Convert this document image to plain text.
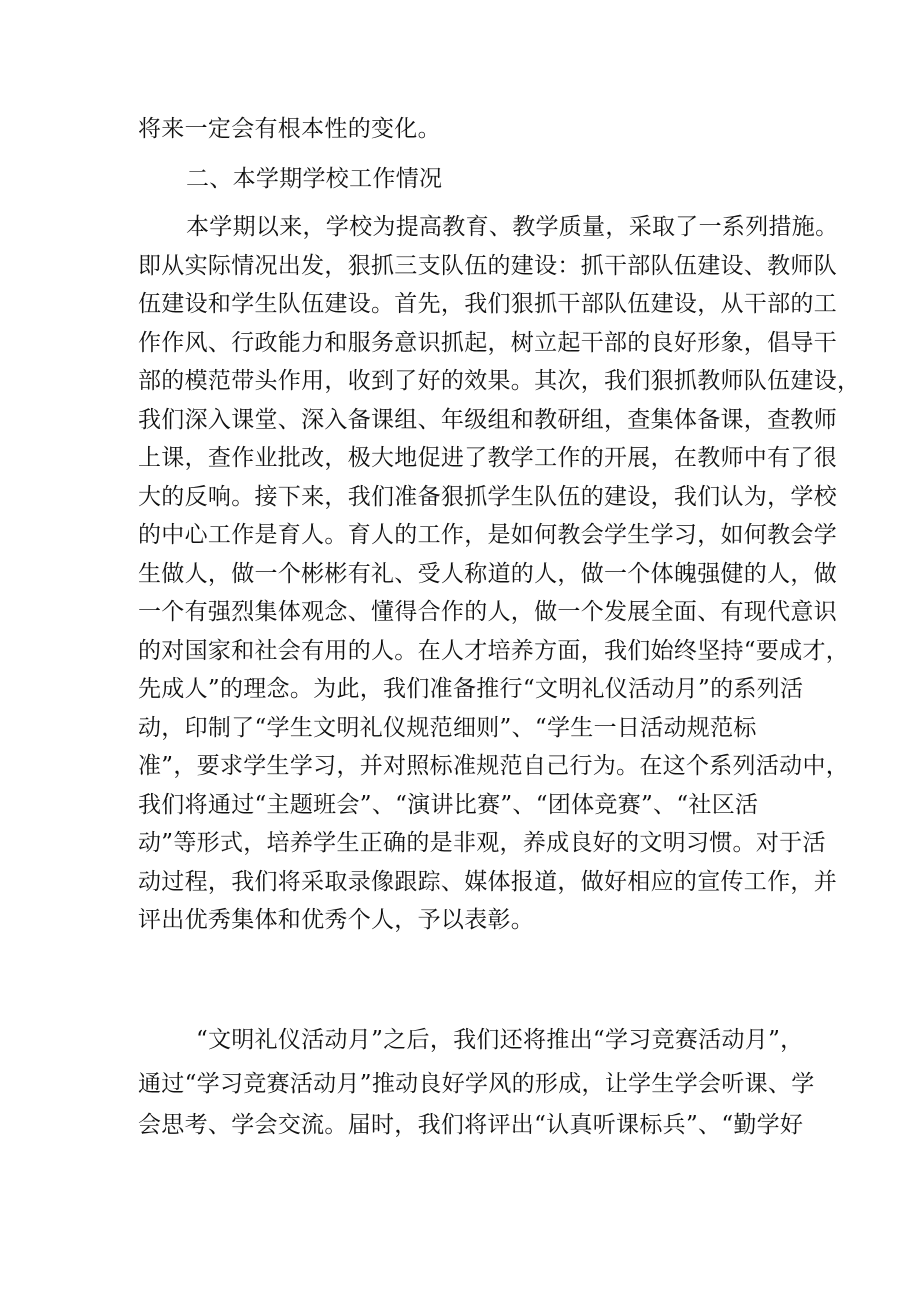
将来一定会有根本性的变化。
二、本学期学校工作情况
本学期以来，学校为提高教育、教学质量，采取了一系列措施。
即从实际情况出发，狠抓三支队伍的建设：抓干部队伍建设、教师队
伍建设和学生队伍建设。首先，我们狠抓干部队伍建设，从干部的工
作作风、行政能力和服务意识抓起，树立起干部的良好形象，倡导干
部的模范带头作用，收到了好的效果。其次，我们狠抓教师队伍建设，
我们深入课堂、深入备课组、年级组和教研组，查集体备课，查教师
上课，查作业批改，极大地促进了教学工作的开展，在教师中有了很
大的反响。接下来，我们准备狠抓学生队伍的建设，我们认为，学校
的中心工作是育人。育人的工作，是如何教会学生学习，如何教会学
生做人，做一个彬彬有礼、受人称道的人，做一个体魄强健的人，做
一个有强烈集体观念、懂得合作的人，做一个发展全面、有现代意识
的对国家和社会有用的人。在人才培养方面，我们始终坚持“要成才，
先成人”的理念。为此，我们准备推行“文明礼仪活动月”的系列活
动，印制了“学生文明礼仪规范细则”、“学生一日活动规范标
准”，要求学生学习，并对照标准规范自己行为。在这个系列活动中，
我们将通过“主题班会”、“演讲比赛”、“团体竞赛”、“社区活
动”等形式，培养学生正确的是非观，养成良好的文明习惯。对于活
动过程，我们将采取录像跟踪、媒体报道，做好相应的宣传工作，并
评出优秀集体和优秀个人，予以表彰。
“文明礼仪活动月”之后，我们还将推出“学习竞赛活动月”，
通过“学习竞赛活动月”推动良好学风的形成，让学生学会听课、学
会思考、学会交流。届时，我们将评出“认真听课标兵”、“勤学好
